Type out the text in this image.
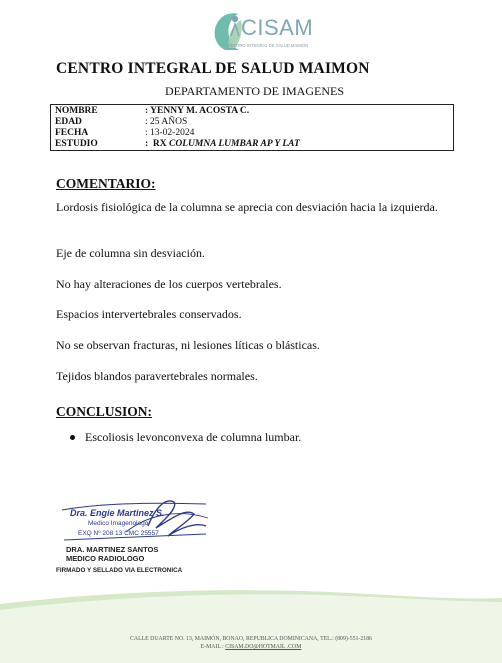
CISAM
CENTRO INTEGRAL DE SALUD MAIMON
CENTRO INTEGRAL DE SALUD MAIMON
DEPARTAMENTO DE IMAGENES
NOMBRE	: YENNY M. ACOSTA C.
EDAD	: 25 AÑOS
FECHA	: 13-02-2024
ESTUDIO	:  RX COLUMNA LUMBAR AP Y LAT
COMENTARIO:
Lordosis fisiológica de la columna se aprecia con desviación hacia la izquierda.
Eje de columna sin desviación.
No hay alteraciones de los cuerpos vertebrales.
Espacios intervertebrales conservados.
No se observan fracturas, ni lesiones líticas o blásticas.
Tejidos blandos paravertebrales normales.
CONCLUSION:
Escoliosis levonconvexa de columna lumbar.
Dra. Engie Martinez S.
Medico Imagenologo
EXQ Nº 208 13 CMC 25557
DRA. MARTINEZ SANTOS
MEDICO RADIOLOGO
FIRMADO Y SELLADO VIA ELECTRONICA
CALLE DUARTE NO. 13, MAIMÓN, BONAO, REPUBLICA DOMINICANA, TEL.: (809)-551-2186
E-MAIL : CISAM.DO@HOTMAIL .COM
